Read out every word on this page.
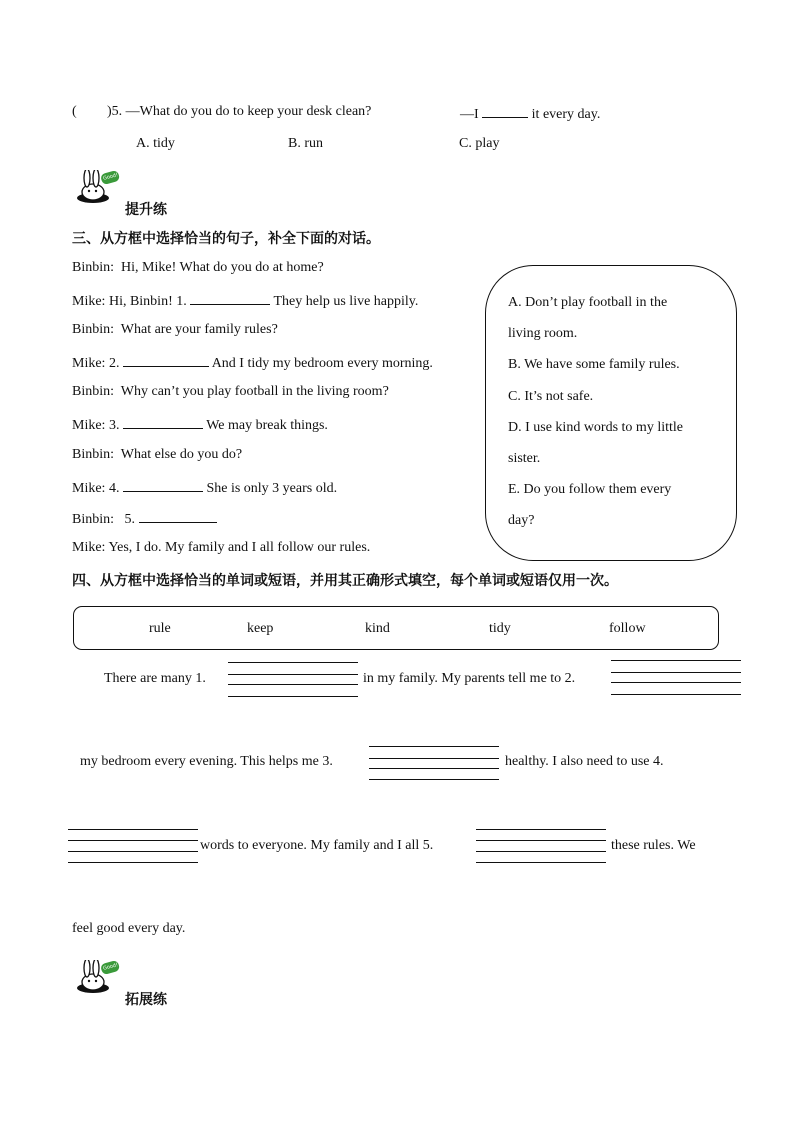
( )5. —What do you do to keep your desk clean?	—I	it every day.
A. tidy	B. run	C. play
Good!
提升练
三、从方框中选择恰当的句子，补全下面的对话。
Binbin: Hi, Mike! What do you do at home?
Mike: Hi, Binbin! 1.	They help us live happily.
Binbin: What are your family rules?
Mike: 2.	And I tidy my bedroom every morning.
Binbin: Why can’t you play football in the living room?
Mike: 3.	We may break things.
Binbin: What else do you do?
Mike: 4.	She is only 3 years old.
Binbin: 5.
Mike: Yes, I do. My family and I all follow our rules.
A. Don’t play football in the
living room.
B. We have some family rules.
C. It’s not safe.
D. I use kind words to my little
sister.
E. Do you follow them every
day?
四、从方框中选择恰当的单词或短语，并用其正确形式填空，每个单词或短语仅用一次。
rule	keep	kind	tidy	follow
There are many 1.	in my family. My parents tell me to 2.
my bedroom every evening. This helps me 3.	healthy. I also need to use 4.
words to everyone. My family and I all 5.	these rules. We
feel good every day.
Good!
拓展练
